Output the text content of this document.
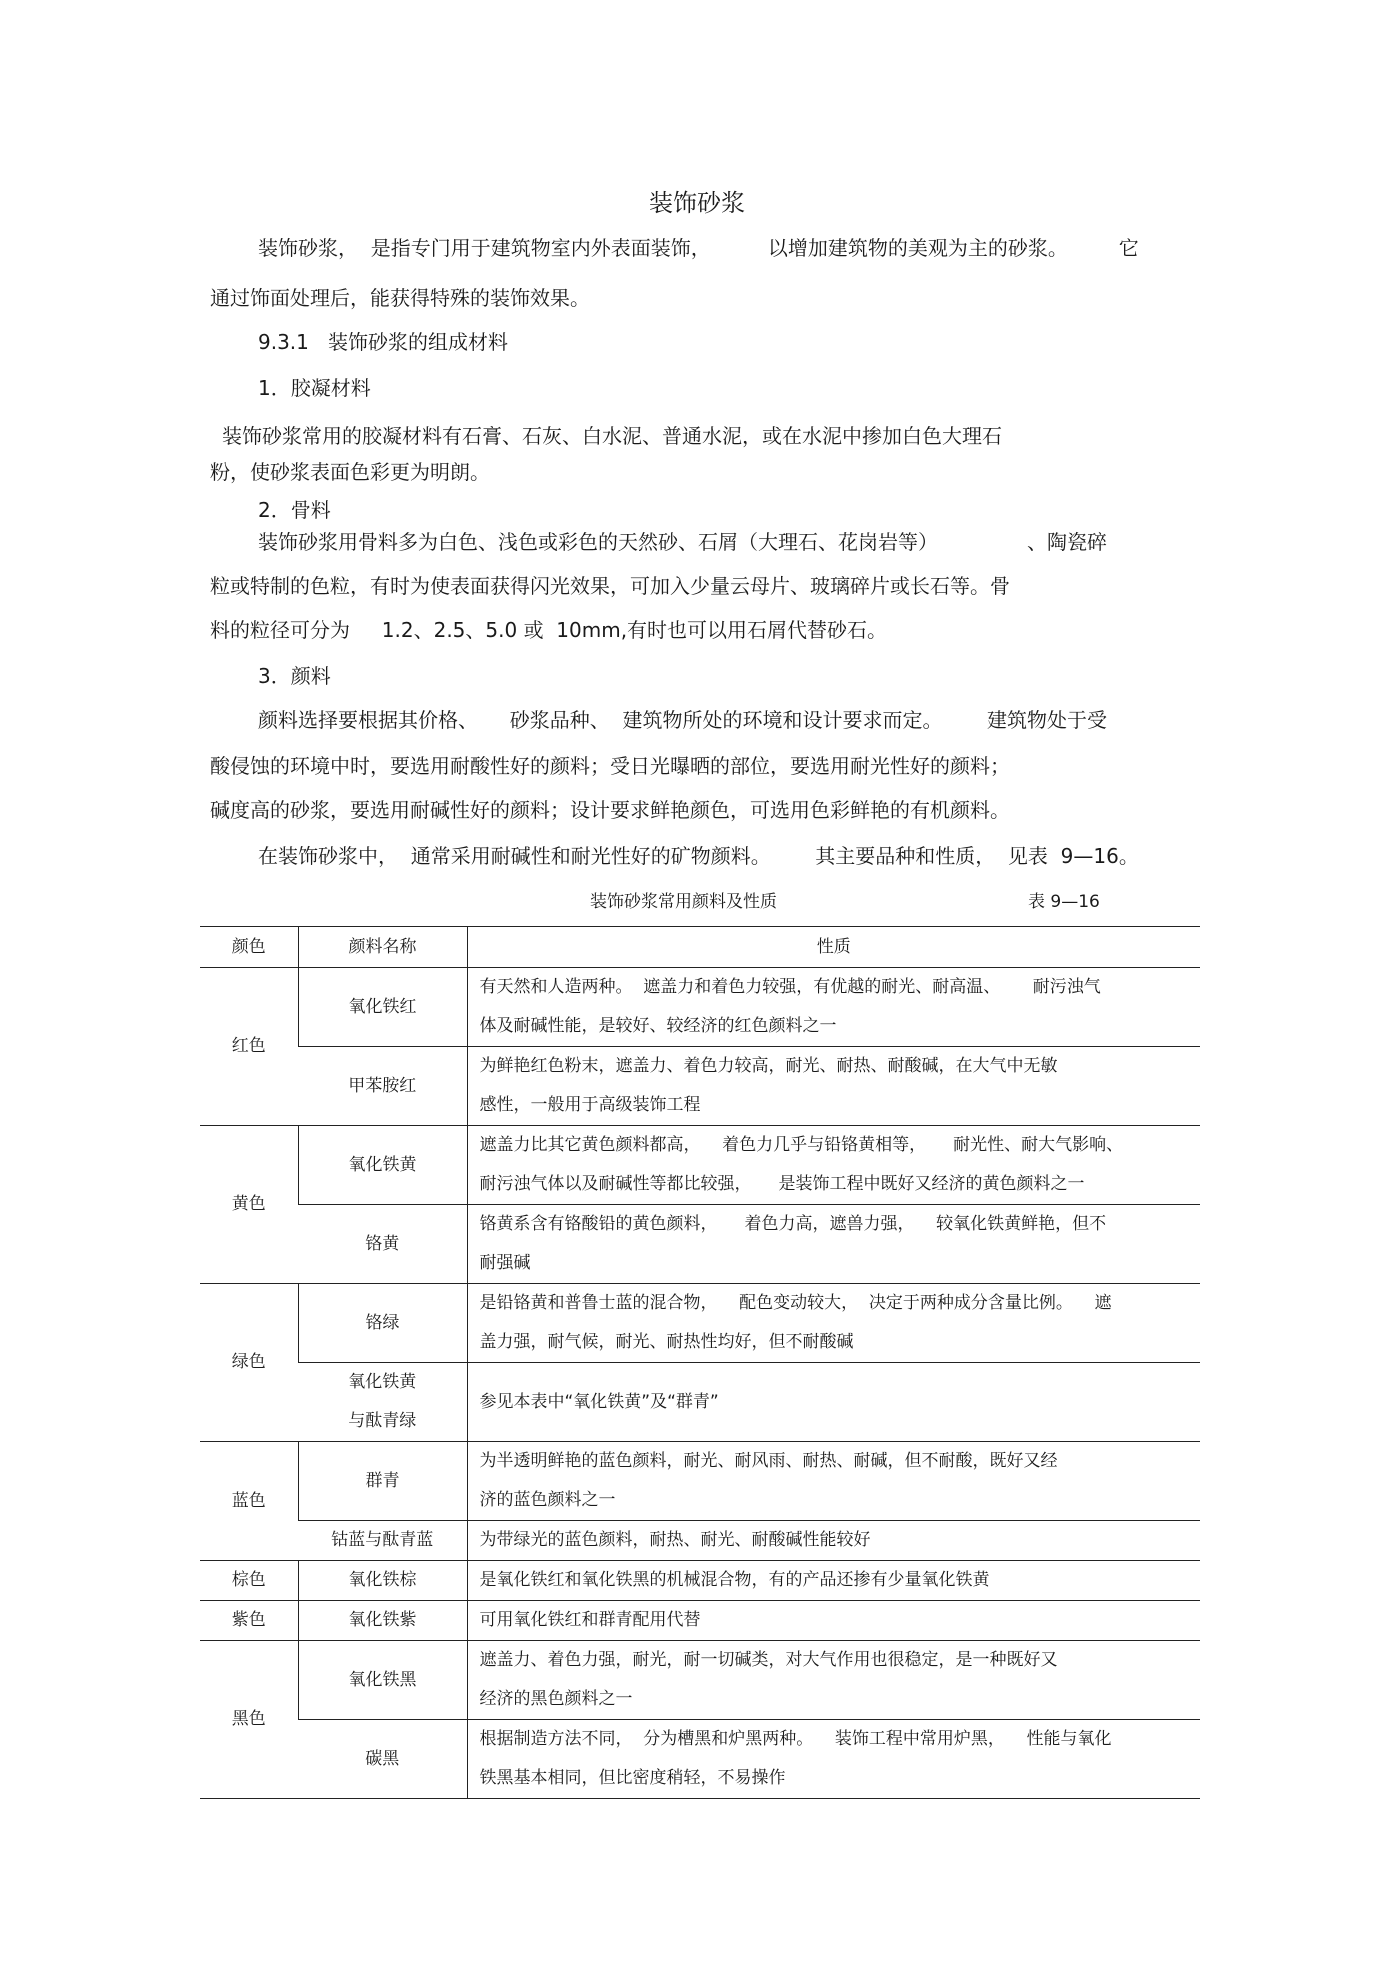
装饰砂浆
装饰砂浆，  是指专门用于建筑物室内外表面装饰，         以增加建筑物的美观为主的砂浆。        它
通过饰面处理后，能获得特殊的装饰效果。
9.3.1   装饰砂浆的组成材料
1．胶凝材料
装饰砂浆常用的胶凝材料有石膏、石灰、白水泥、普通水泥，或在水泥中掺加白色大理石
粉，使砂浆表面色彩更为明朗。
2．骨料
装饰砂浆用骨料多为白色、浅色或彩色的天然砂、石屑（大理石、花岗岩等）              、陶瓷碎
粒或特制的色粒，有时为使表面获得闪光效果，可加入少量云母片、玻璃碎片或长石等。骨
料的粒径可分为     1.2、2.5、5.0 或  10mm,有时也可以用石屑代替砂石。
3．颜料
颜料选择要根据其价格、     砂浆品种、  建筑物所处的环境和设计要求而定。       建筑物处于受
酸侵蚀的环境中时，要选用耐酸性好的颜料；受日光曝晒的部位，要选用耐光性好的颜料；
碱度高的砂浆，要选用耐碱性好的颜料；设计要求鲜艳颜色，可选用色彩鲜艳的有机颜料。
在装饰砂浆中，  通常采用耐碱性和耐光性好的矿物颜料。       其主要品种和性质，  见表  9—16。
装饰砂浆常用颜料及性质	表 9—16
颜色	颜料名称	性质
红色	氧化铁红	有天然和人造两种。  遮盖力和着色力较强，有优越的耐光、耐高温、      耐污浊气
体及耐碱性能，是较好、较经济的红色颜料之一

	甲苯胺红	为鲜艳红色粉末，遮盖力、着色力较高，耐光、耐热、耐酸碱，在大气中无敏
感性，一般用于高级装饰工程

黄色	氧化铁黄	遮盖力比其它黄色颜料都高，    着色力几乎与铅铬黄相等，     耐光性、耐大气影响、
耐污浊气体以及耐碱性等都比较强，     是装饰工程中既好又经济的黄色颜料之一

	铬黄	铬黄系含有铬酸铅的黄色颜料，     着色力高，遮兽力强，    较氧化铁黄鲜艳，但不
耐强碱

绿色	铬绿	是铅铬黄和普鲁士蓝的混合物，    配色变动较大，  决定于两种成分含量比例。    遮
盖力强，耐气候，耐光、耐热性均好，但不耐酸碱

	氧化铁黄
与酞青绿	参见本表中“氧化铁黄”及“群青”

蓝色	群青	为半透明鲜艳的蓝色颜料，耐光、耐风雨、耐热、耐碱，但不耐酸，既好又经
济的蓝色颜料之一

	钴蓝与酞青蓝	为带绿光的蓝色颜料，耐热、耐光、耐酸碱性能较好

棕色	氧化铁棕	是氧化铁红和氧化铁黑的机械混合物，有的产品还掺有少量氧化铁黄

紫色	氧化铁紫	可用氧化铁红和群青配用代替

黑色	氧化铁黑	遮盖力、着色力强，耐光，耐一切碱类，对大气作用也很稳定，是一种既好又
经济的黑色颜料之一

	碳黑	根据制造方法不同，  分为槽黑和炉黑两种。    装饰工程中常用炉黑，    性能与氧化
铁黑基本相同，但比密度稍轻，不易操作
